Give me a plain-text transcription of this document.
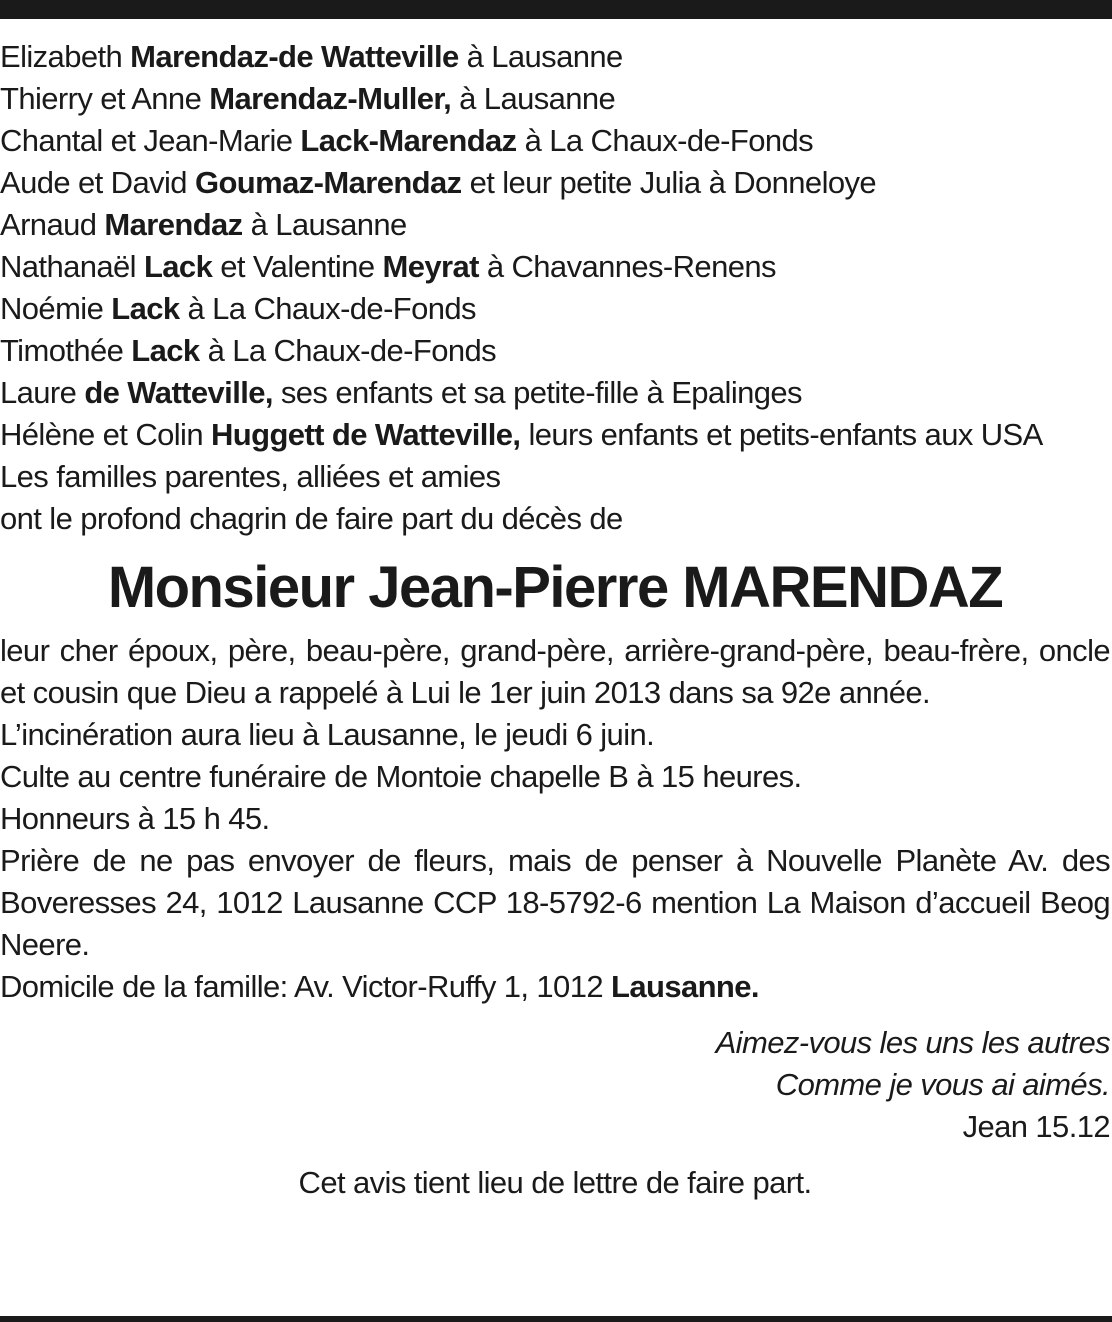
Elizabeth Marendaz-de Watteville à Lausanne
Thierry et Anne Marendaz-Muller, à Lausanne
Chantal et Jean-Marie Lack-Marendaz à La Chaux-de-Fonds
Aude et David Goumaz-Marendaz et leur petite Julia à Donneloye
Arnaud Marendaz à Lausanne
Nathanaël Lack et Valentine Meyrat à Chavannes-Renens
Noémie Lack à La Chaux-de-Fonds
Timothée Lack à La Chaux-de-Fonds
Laure de Watteville, ses enfants et sa petite-fille à Epalinges
Hélène et Colin Huggett de Watteville, leurs enfants et petits-enfants aux USA
Les familles parentes, alliées et amies
ont le profond chagrin de faire part du décès de
Monsieur Jean-Pierre MARENDAZ
leur cher époux, père, beau-père, grand-père, arrière-grand-père, beau-frère, oncle et cousin que Dieu a rappelé à Lui le 1er juin 2013 dans sa 92e année.
L’incinération aura lieu à Lausanne, le jeudi 6 juin.
Culte au centre funéraire de Montoie chapelle B à 15 heures.
Honneurs à 15 h 45.
Prière de ne pas envoyer de fleurs, mais de penser à Nouvelle Planète Av. des Boveresses 24, 1012 Lausanne CCP 18-5792-6 mention La Maison d’accueil Beog Neere.
Domicile de la famille: Av. Victor-Ruffy 1, 1012 Lausanne.
Aimez-vous les uns les autres
Comme je vous ai aimés.
Jean 15.12
Cet avis tient lieu de lettre de faire part.
